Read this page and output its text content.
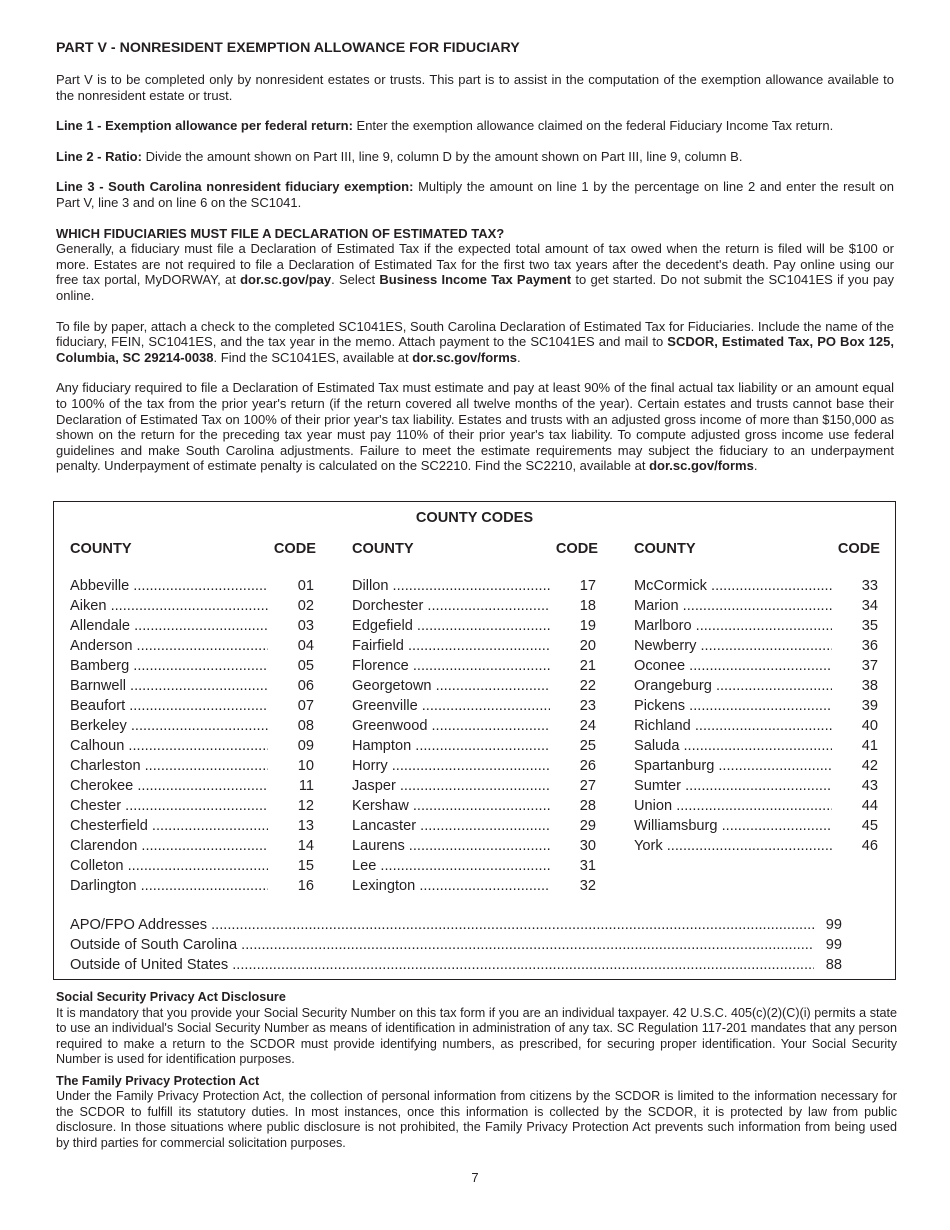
PART V - NONRESIDENT EXEMPTION ALLOWANCE FOR FIDUCIARY

Part V is to be completed only by nonresident estates or trusts. This part is to assist in the computation of the exemption allowance available to the nonresident estate or trust.

Line 1 - Exemption allowance per federal return: Enter the exemption allowance claimed on the federal Fiduciary Income Tax return.

Line 2 - Ratio: Divide the amount shown on Part III, line 9, column D by the amount shown on Part III, line 9, column B.

Line 3 - South Carolina nonresident fiduciary exemption: Multiply the amount on line 1 by the percentage on line 2 and enter the result on Part V, line 3 and on line 6 on the SC1041.

WHICH FIDUCIARIES MUST FILE A DECLARATION OF ESTIMATED TAX?
Generally, a fiduciary must file a Declaration of Estimated Tax if the expected total amount of tax owed when the return is filed will be $100 or more. Estates are not required to file a Declaration of Estimated Tax for the first two tax years after the decedent's death. Pay online using our free tax portal, MyDORWAY, at dor.sc.gov/pay. Select Business Income Tax Payment to get started. Do not submit the SC1041ES if you pay online.

To file by paper, attach a check to the completed SC1041ES, South Carolina Declaration of Estimated Tax for Fiduciaries. Include the name of the fiduciary, FEIN, SC1041ES, and the tax year in the memo. Attach payment to the SC1041ES and mail to SCDOR, Estimated Tax, PO Box 125, Columbia, SC 29214-0038. Find the SC1041ES, available at dor.sc.gov/forms.

Any fiduciary required to file a Declaration of Estimated Tax must estimate and pay at least 90% of the final actual tax liability or an amount equal to 100% of the tax from the prior year's return (if the return covered all twelve months of the year). Certain estates and trusts cannot base their Declaration of Estimated Tax on 100% of their prior year's tax liability. Estates and trusts with an adjusted gross income of more than $150,000 as shown on the return for the preceding tax year must pay 110% of their prior year's tax liability. To compute adjusted gross income use federal guidelines and make South Carolina adjustments. Failure to meet the estimate requirements may subject the fiduciary to an underpayment penalty. Underpayment of estimate penalty is calculated on the SC2210. Find the SC2210, available at dor.sc.gov/forms.

COUNTY CODES
COUNTY	CODE
Abbeville .....	01
Aiken .....	02
Allendale .....	03
Anderson .....	04
Bamberg .....	05
Barnwell .....	06
Beaufort .....	07
Berkeley .....	08
Calhoun .....	09
Charleston .....	10
Cherokee .....	11
Chester .....	12
Chesterfield .....	13
Clarendon .....	14
Colleton .....	15
Darlington .....	16
COUNTY	CODE
Dillon .....	17
Dorchester .....	18
Edgefield .....	19
Fairfield .....	20
Florence .....	21
Georgetown .....	22
Greenville .....	23
Greenwood .....	24
Hampton .....	25
Horry .....	26
Jasper .....	27
Kershaw .....	28
Lancaster .....	29
Laurens .....	30
Lee .....	31
Lexington .....	32
COUNTY	CODE
McCormick .....	33
Marion .....	34
Marlboro .....	35
Newberry .....	36
Oconee .....	37
Orangeburg .....	38
Pickens .....	39
Richland .....	40
Saluda .....	41
Spartanburg .....	42
Sumter .....	43
Union .....	44
Williamsburg .....	45
York .....	46
APO/FPO Addresses .....	99
Outside of South Carolina .....	99
Outside of United States .....	88
Social Security Privacy Act Disclosure

It is mandatory that you provide your Social Security Number on this tax form if you are an individual taxpayer. 42 U.S.C. 405(c)(2)(C)(i) permits a state to use an individual's Social Security Number as means of identification in administration of any tax. SC Regulation 117-201 mandates that any person required to make a return to the SCDOR must provide identifying numbers, as prescribed, for securing proper identification. Your Social Security Number is used for identification purposes.

The Family Privacy Protection Act

Under the Family Privacy Protection Act, the collection of personal information from citizens by the SCDOR is limited to the information necessary for the SCDOR to fulfill its statutory duties. In most instances, once this information is collected by the SCDOR, it is protected by law from public disclosure. In those situations where public disclosure is not prohibited, the Family Privacy Protection Act prevents such information from being used by third parties for commercial solicitation purposes.

7
